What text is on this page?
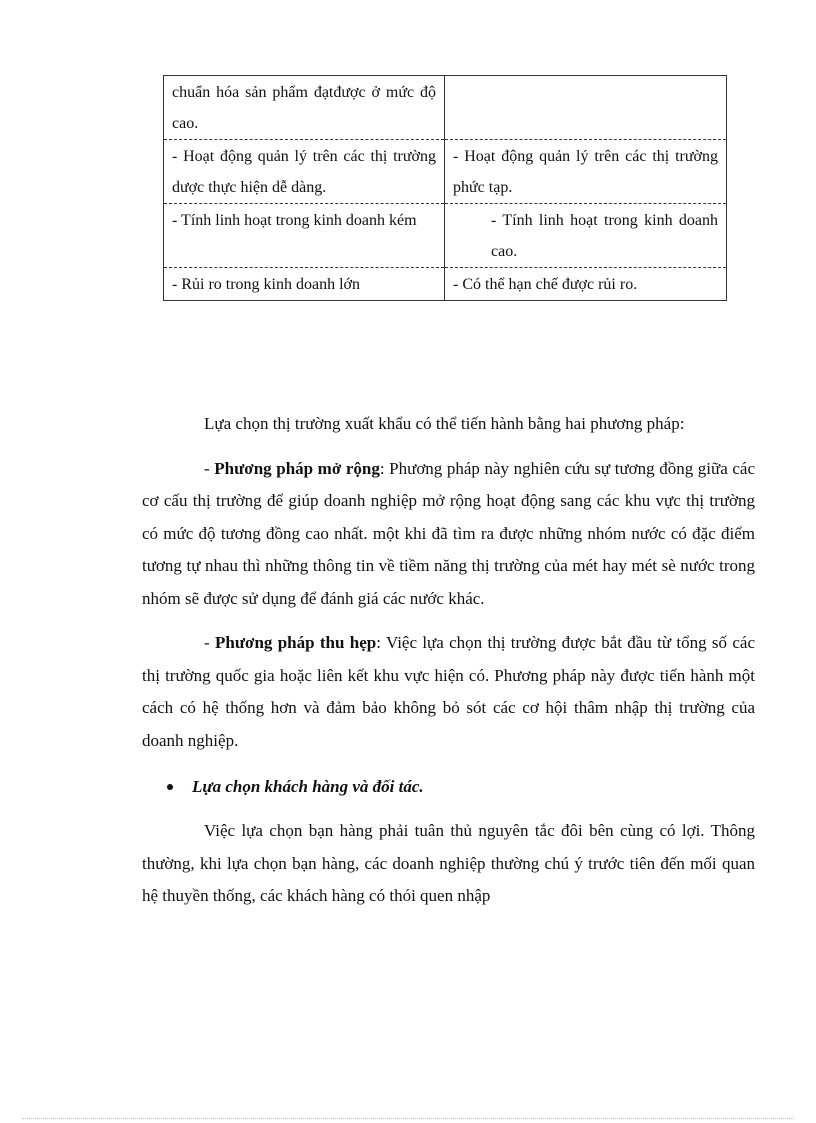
chuẩn hóa sản phẩm đạtđược ở mức độ cao.	
- Hoạt động quản lý trên các thị trường dược thực hiện dễ dàng.	- Hoạt động quản lý trên các thị trường phức tạp.
- Tính linh hoạt trong kinh doanh kém	- Tính linh hoạt trong kinh doanh cao.
- Rủi ro trong kinh doanh lớn	- Có thể hạn chế được rủi ro.

Lựa chọn thị trường xuất khẩu có thể tiến hành bằng hai phương pháp:

- Phương pháp mở rộng: Phương pháp này nghiên cứu sự tương đồng giữa các cơ cấu thị trường để giúp doanh nghiệp mở rộng hoạt động sang các khu vực thị trường có mức độ tương đồng cao nhất. một khi đã tìm ra được những nhóm nước có đặc điểm tương tự nhau thì những thông tin về tiềm năng thị trường của mét hay mét sè nước trong nhóm sẽ được sử dụng để đánh giá các nước khác.

- Phương pháp thu hẹp: Việc lựa chọn thị trường được bắt đầu từ tổng số các thị trường quốc gia hoặc liên kết khu vực hiện có. Phương pháp này được tiến hành một cách có hệ thống hơn và đảm bảo không bỏ sót các cơ hội thâm nhập thị trường của doanh nghiệp.

Lựa chọn khách hàng và đối tác.

Việc lựa chọn bạn hàng phải tuân thủ nguyên tắc đôi bên cùng có lợi. Thông thường, khi lựa chọn bạn hàng, các doanh nghiệp thường chú ý trước tiên đến mối quan hệ thuyền thống, các khách hàng có thói quen nhập
